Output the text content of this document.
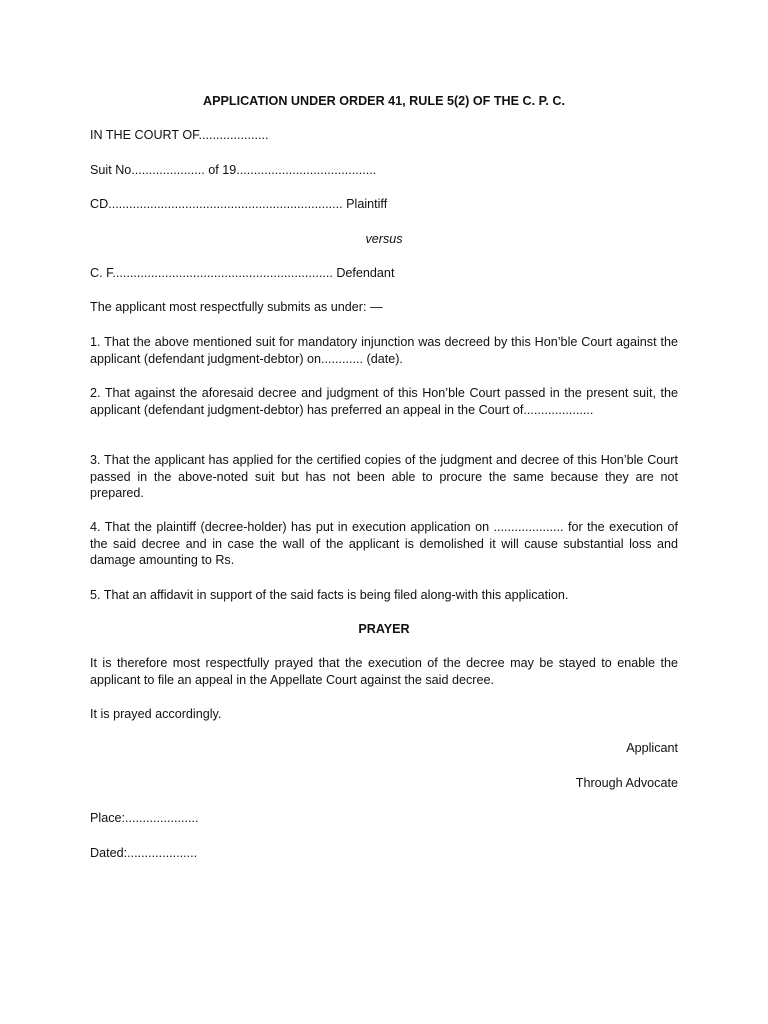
APPLICATION UNDER ORDER 41, RULE 5(2) OF THE C. P. C.

IN THE COURT OF....................

Suit No..................... of 19........................................

CD................................................................... Plaintiff

versus

C. F............................................................... Defendant

The applicant most respectfully submits as under: —

1. That the above mentioned suit for mandatory injunction was decreed by this Hon’ble Court against the applicant (defendant judgment-debtor) on............ (date).

2. That against the aforesaid decree and judgment of this Hon’ble Court passed in the present suit, the applicant (defendant judgment-debtor) has preferred an appeal in the Court of....................

3. That the applicant has applied for the certified copies of the judgment and decree of this Hon’ble Court passed in the above-noted suit but has not been able to procure the same because they are not prepared.

4. That the plaintiff (decree-holder) has put in execution application on .................... for the execution of the said decree and in case the wall of the applicant is demolished it will cause substantial loss and damage amounting to Rs.

5. That an affidavit in support of the said facts is being filed along-with this application.

PRAYER

It is therefore most respectfully prayed that the execution of the decree may be stayed to enable the applicant to file an appeal in the Appellate Court against the said decree.

It is prayed accordingly.

Applicant

Through Advocate

Place:.....................

Dated:....................
